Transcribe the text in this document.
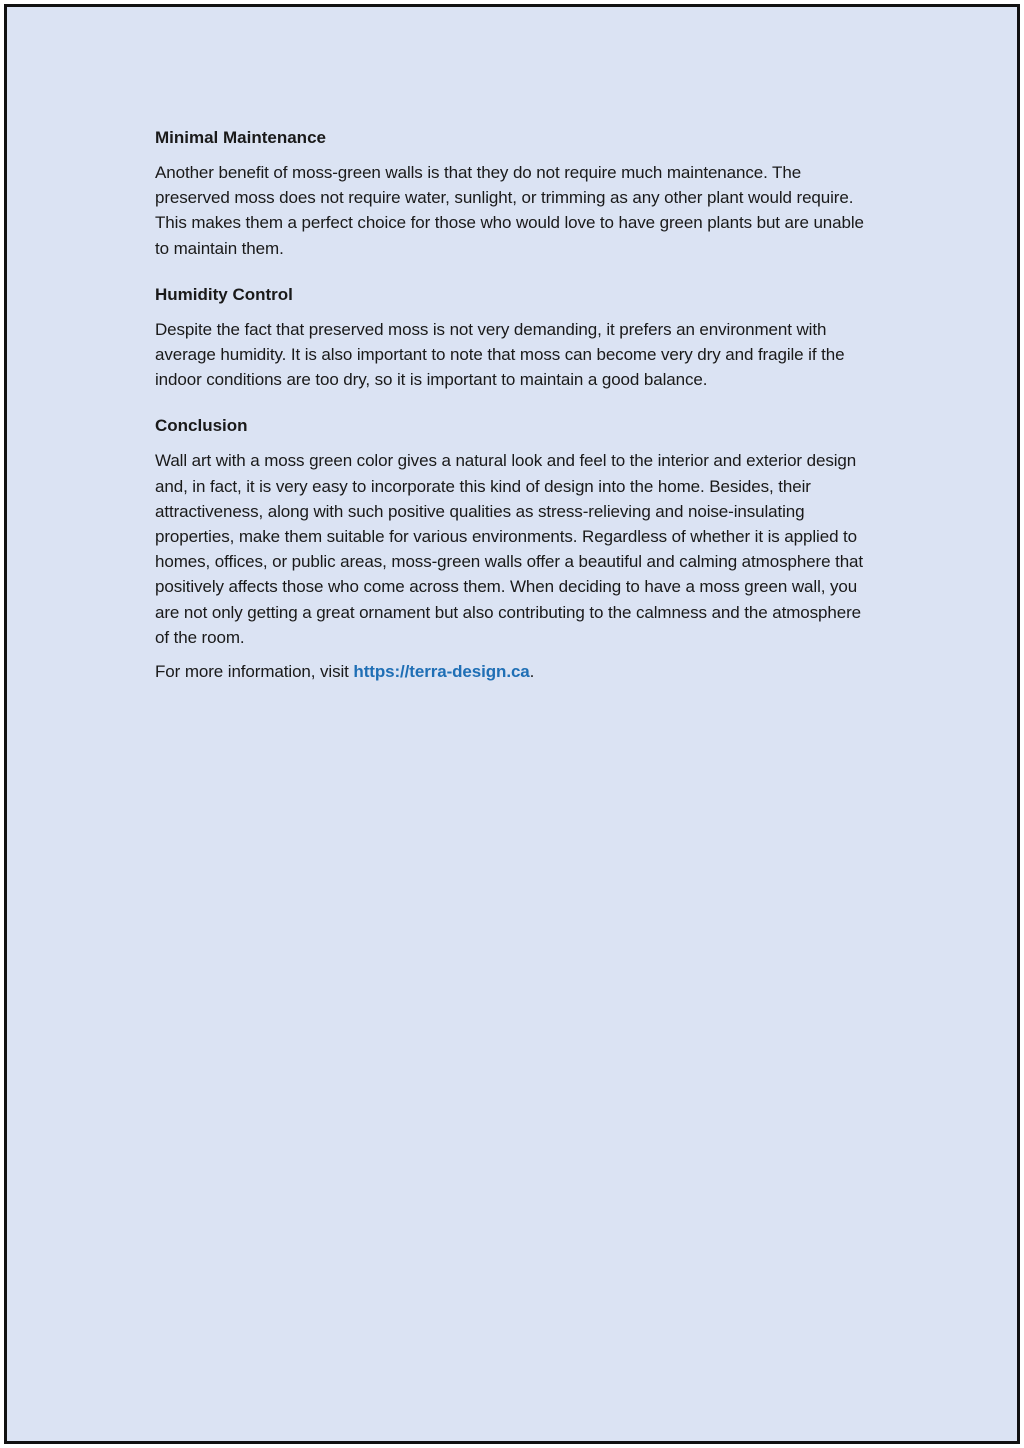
Minimal Maintenance

Another benefit of moss-green walls is that they do not require much maintenance. The preserved moss does not require water, sunlight, or trimming as any other plant would require. This makes them a perfect choice for those who would love to have green plants but are unable to maintain them.

Humidity Control

Despite the fact that preserved moss is not very demanding, it prefers an environment with average humidity. It is also important to note that moss can become very dry and fragile if the indoor conditions are too dry, so it is important to maintain a good balance.

Conclusion

Wall art with a moss green color gives a natural look and feel to the interior and exterior design and, in fact, it is very easy to incorporate this kind of design into the home. Besides, their attractiveness, along with such positive qualities as stress-relieving and noise-insulating properties, make them suitable for various environments. Regardless of whether it is applied to homes, offices, or public areas, moss-green walls offer a beautiful and calming atmosphere that positively affects those who come across them. When deciding to have a moss green wall, you are not only getting a great ornament but also contributing to the calmness and the atmosphere of the room.

For more information, visit https://terra-design.ca.
